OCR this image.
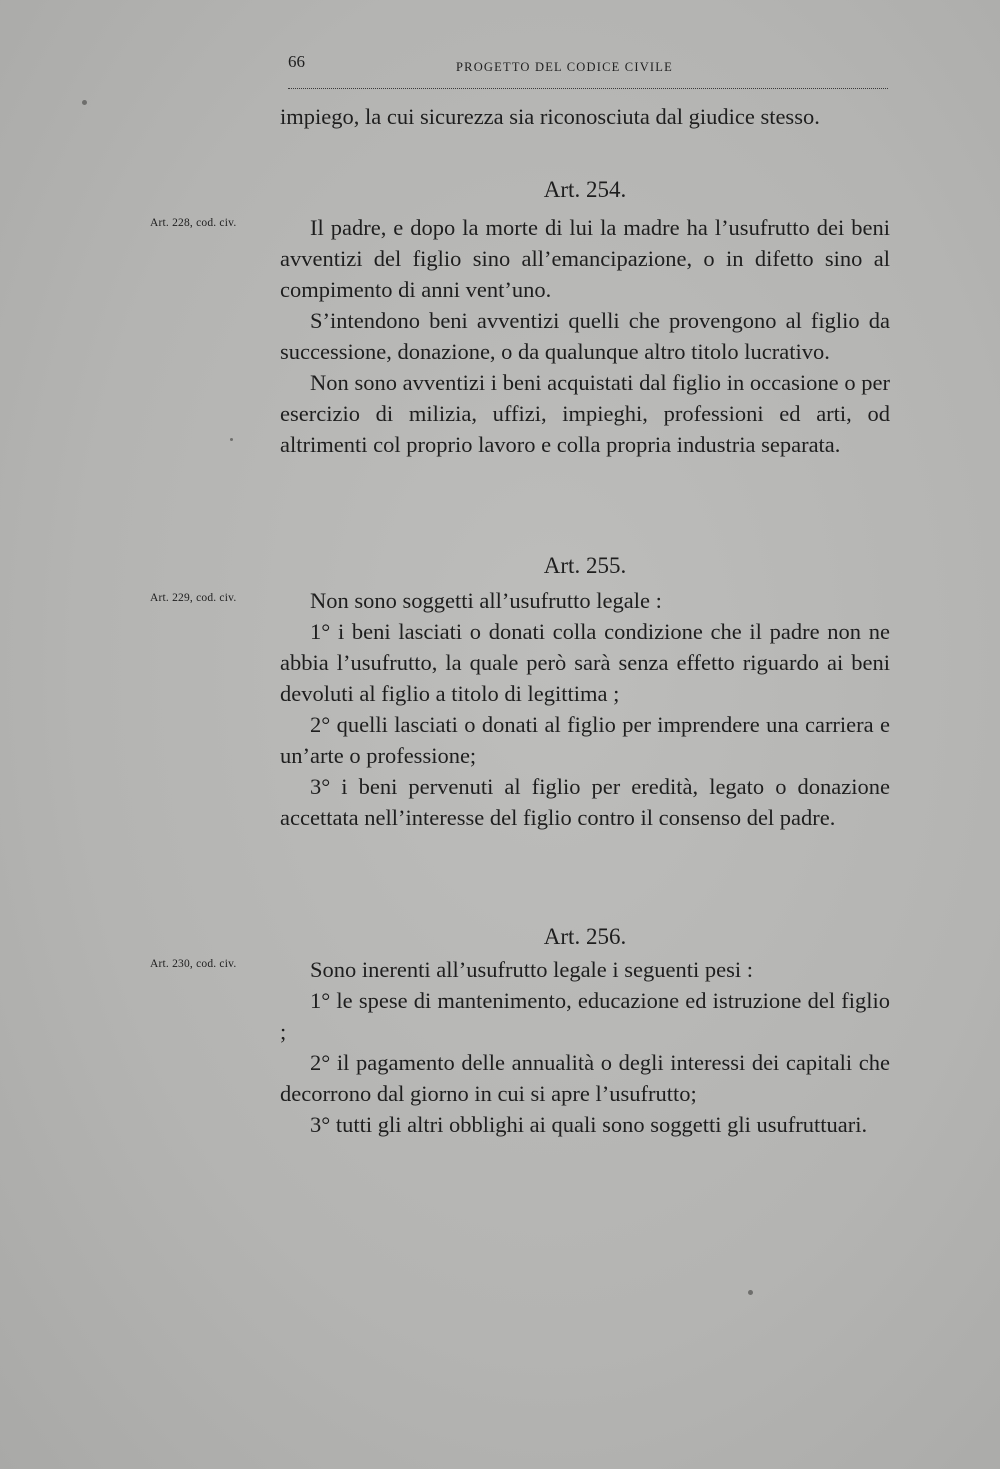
66	PROGETTO DEL CODICE CIVILE

impiego, la cui sicurezza sia riconosciuta dal giudice stesso.

Art. 254.
Art. 228, cod. civ.	Il padre, e dopo la morte di lui la madre ha l’usufrutto dei beni avventizi del figlio sino all’emancipazione, o in difetto sino al compimento di anni vent’uno.

S’intendono beni avventizi quelli che provengono al figlio da successione, donazione, o da qualunque altro titolo lucrativo.

Non sono avventizi i beni acquistati dal figlio in occasione o per esercizio di milizia, uffizi, impieghi, professioni ed arti, od altrimenti col proprio lavoro e colla propria industria separata.

Art. 255.
Art. 229, cod. civ.	Non sono soggetti all’usufrutto legale :

1° i beni lasciati o donati colla condizione che il padre non ne abbia l’usufrutto, la quale però sarà senza effetto riguardo ai beni devoluti al figlio a titolo di legittima ;

2° quelli lasciati o donati al figlio per imprendere una carriera e un’arte o professione;

3° i beni pervenuti al figlio per eredità, legato o donazione accettata nell’interesse del figlio contro il consenso del padre.

Art. 256.
Art. 230, cod. civ.	Sono inerenti all’usufrutto legale i seguenti pesi :

1° le spese di mantenimento, educazione ed istruzione del figlio ;

2° il pagamento delle annualità o degli interessi dei capitali che decorrono dal giorno in cui si apre l’usufrutto;

3° tutti gli altri obblighi ai quali sono soggetti gli usufruttuari.
